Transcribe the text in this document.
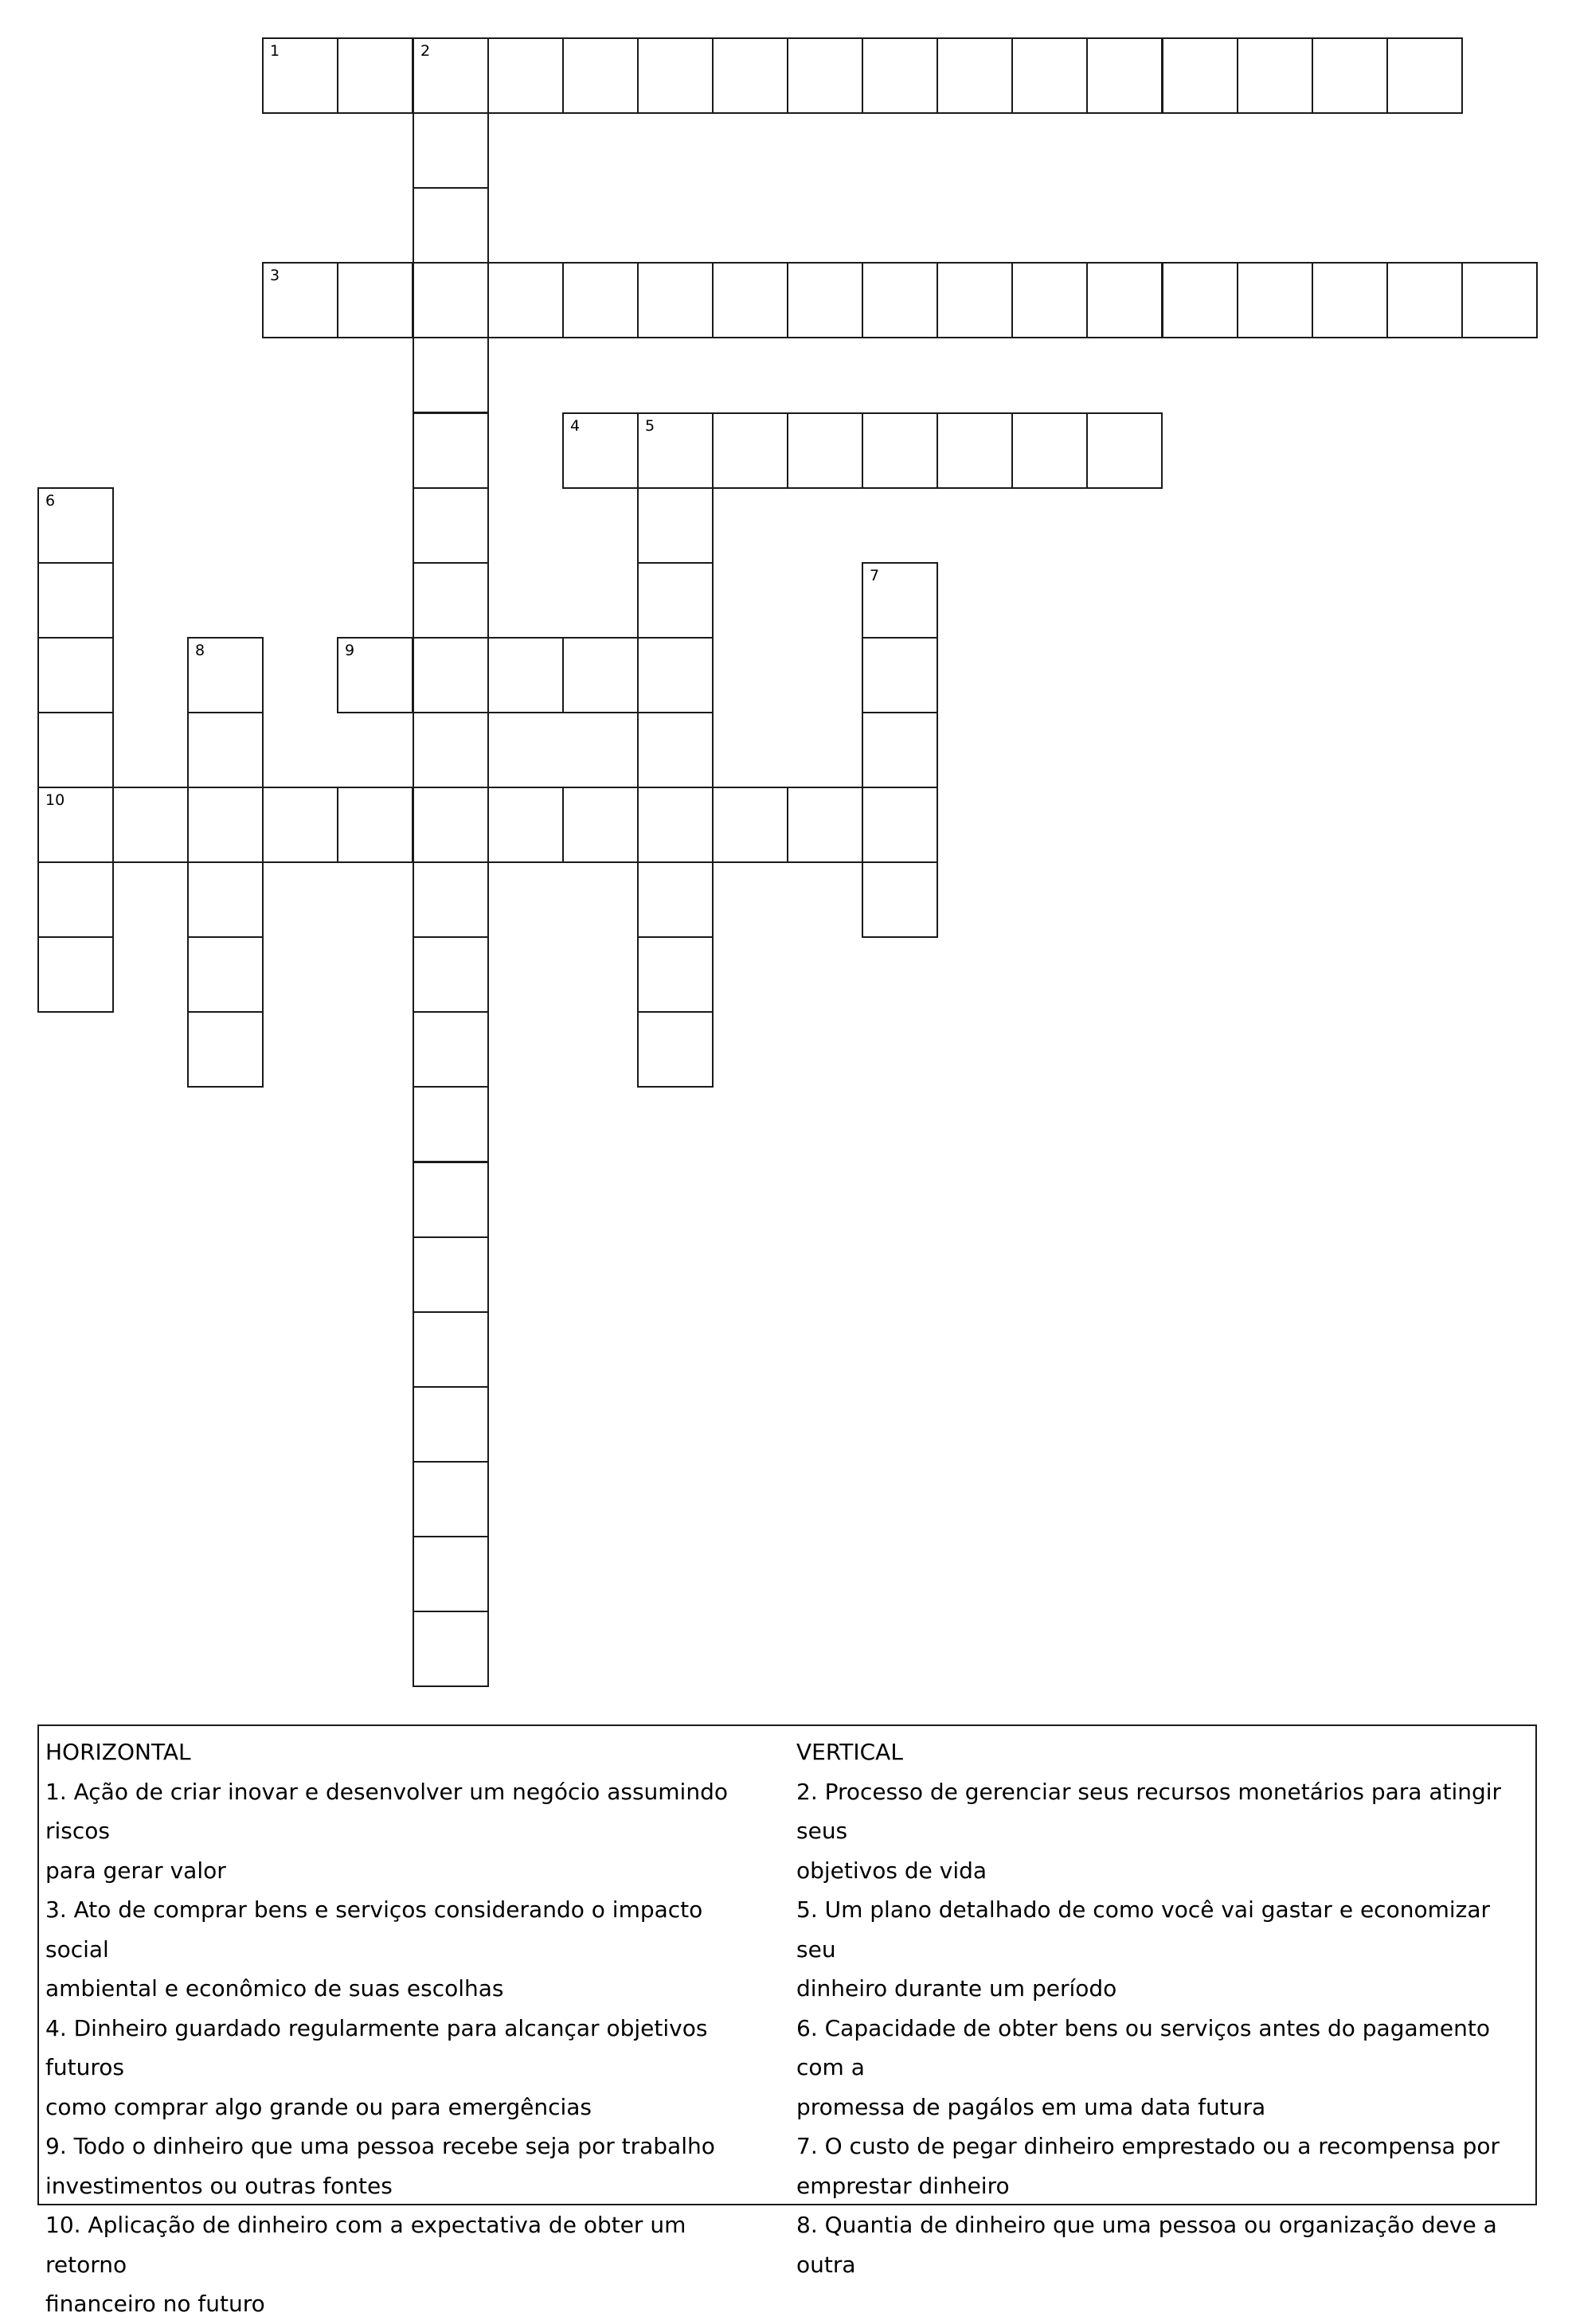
1	2
3
4	5
6
7
8	9
10
HORIZONTAL
1. Ação de criar inovar e desenvolver um negócio assumindo riscos
para gerar valor
3. Ato de comprar bens e serviços considerando o impacto social
ambiental e econômico de suas escolhas
4. Dinheiro guardado regularmente para alcançar objetivos futuros
como comprar algo grande ou para emergências
9. Todo o dinheiro que uma pessoa recebe seja por trabalho
investimentos ou outras fontes
10. Aplicação de dinheiro com a expectativa de obter um retorno
financeiro no futuro
VERTICAL
2. Processo de gerenciar seus recursos monetários para atingir seus
objetivos de vida
5. Um plano detalhado de como você vai gastar e economizar seu
dinheiro durante um período
6. Capacidade de obter bens ou serviços antes do pagamento com a
promessa de pagálos em uma data futura
7. O custo de pegar dinheiro emprestado ou a recompensa por
emprestar dinheiro
8. Quantia de dinheiro que uma pessoa ou organização deve a outra
